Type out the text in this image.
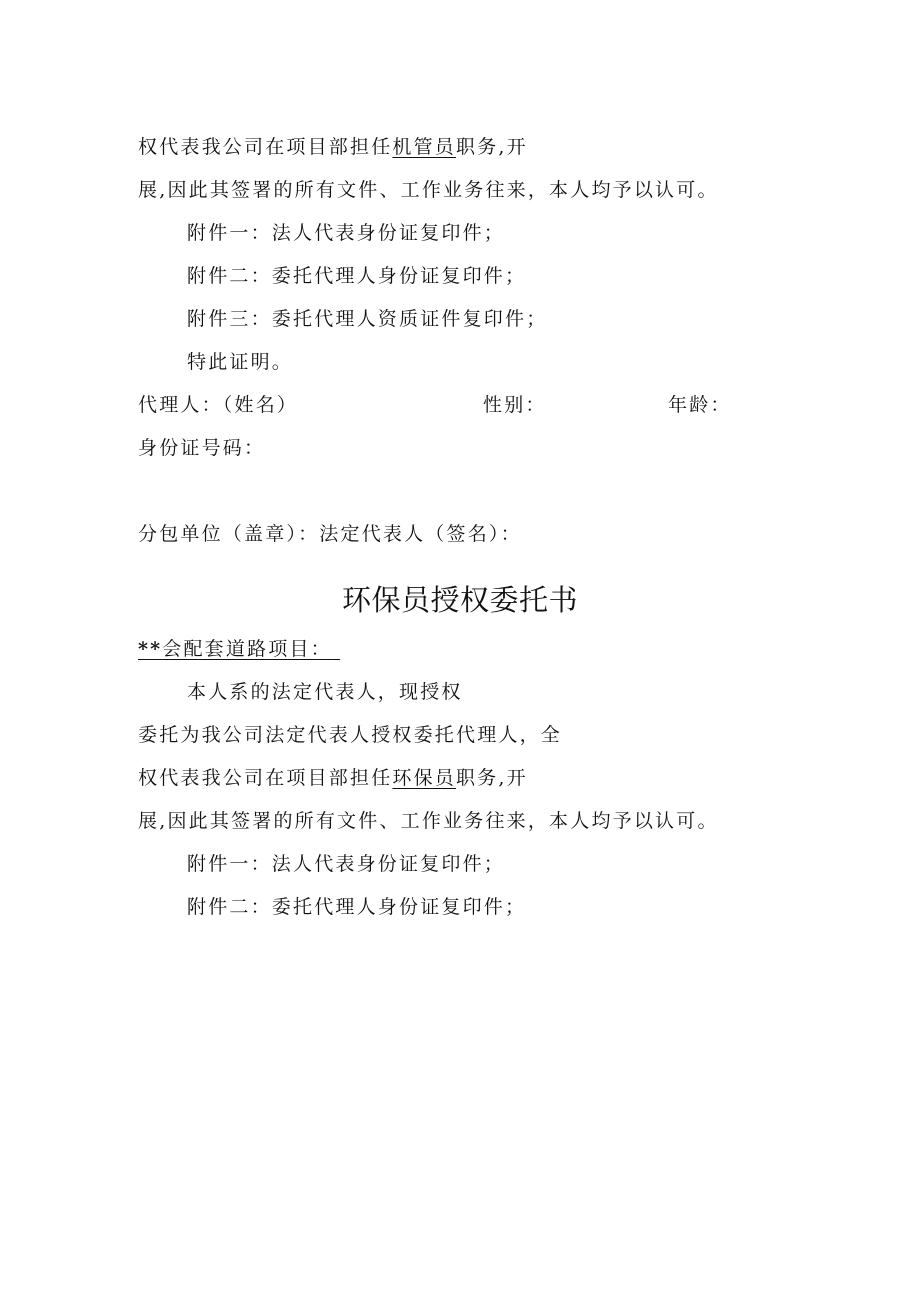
权代表我公司在项目部担任机管员职务,开
展,因此其签署的所有文件、工作业务往来，本人均予以认可。
附件一：法人代表身份证复印件；
附件二：委托代理人身份证复印件；
附件三：委托代理人资质证件复印件；
特此证明。
代理人：（姓名）	性别：	年龄：
身份证号码：
分包单位（盖章）：法定代表人（签名）：
环保员授权委托书
**会配套道路项目：
本人系的法定代表人，现授权
委托为我公司法定代表人授权委托代理人，全
权代表我公司在项目部担任环保员职务,开
展,因此其签署的所有文件、工作业务往来，本人均予以认可。
附件一：法人代表身份证复印件；
附件二：委托代理人身份证复印件；
